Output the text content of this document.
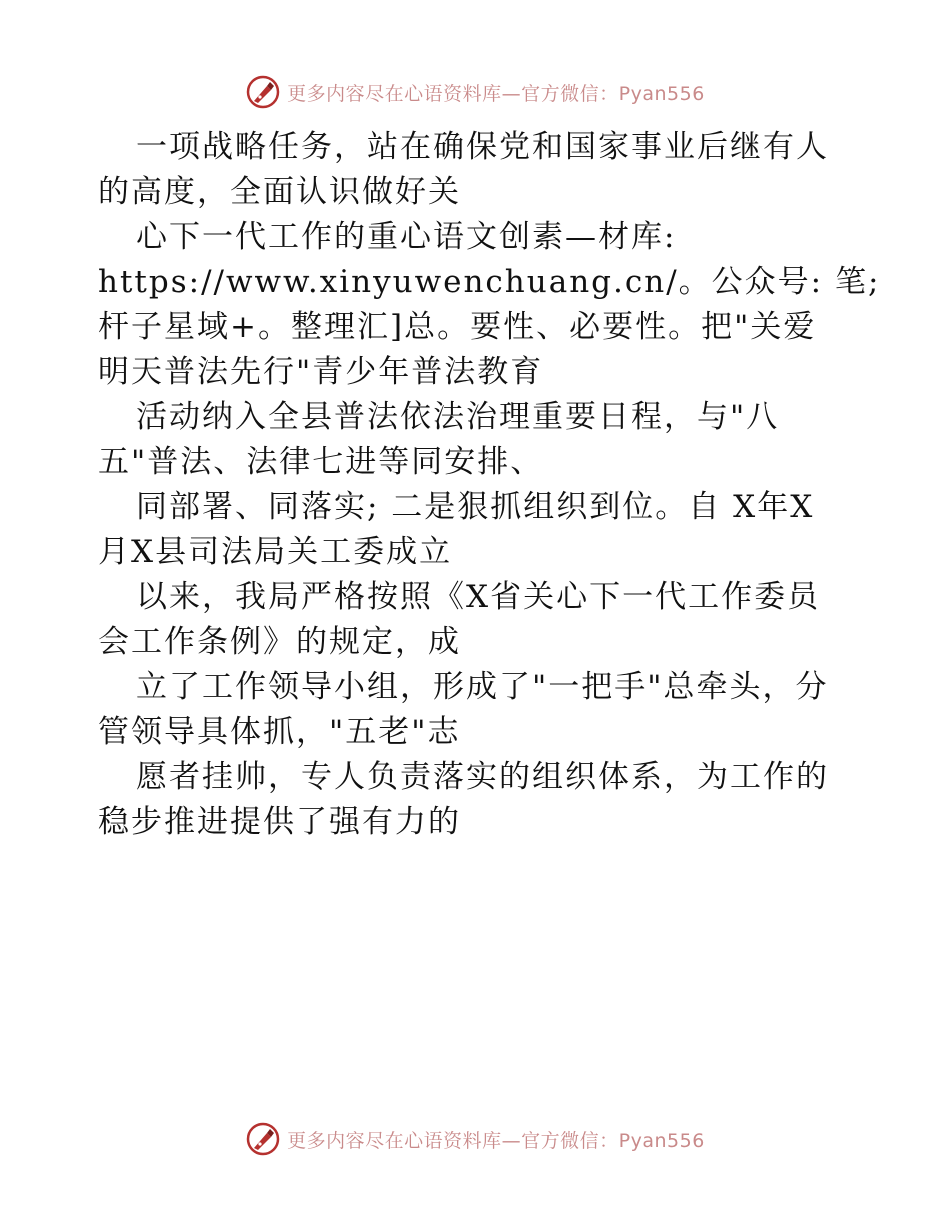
更多内容尽在心语资料库—官方微信：Pyan556

一项战略任务，站在确保党和国家事业后继有人

的高度，全面认识做好关

心下一代工作的重心语文创素—材库:

https://www.xinyuwenchuang.cn/。公众号: 笔;

杆子星域+。整理汇]总。要性、必要性。把"关爱

明天普法先行"青少年普法教育

活动纳入全县普法依法治理重要日程，与"八

五"普法、法律七进等同安排、

同部署、同落实; 二是狠抓组织到位。自 X年X

月X县司法局关工委成立

以来，我局严格按照《X省关心下一代工作委员

会工作条例》的规定，成

立了工作领导小组，形成了"一把手"总牵头，分

管领导具体抓，"五老"志

愿者挂帅，专人负责落实的组织体系，为工作的

稳步推进提供了强有力的

更多内容尽在心语资料库—官方微信：Pyan556
